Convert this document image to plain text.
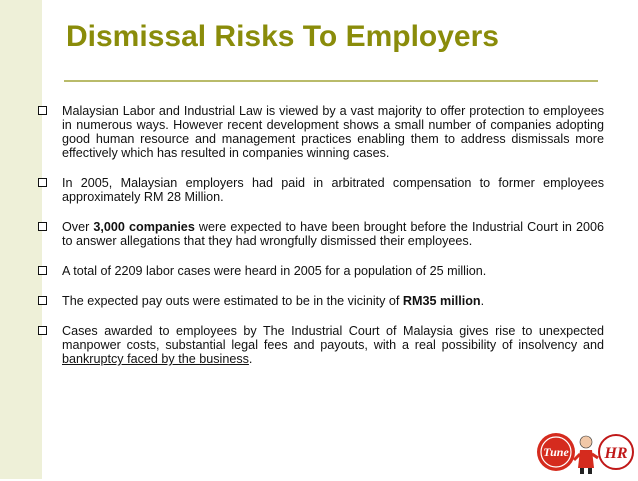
Dismissal Risks To Employers
Malaysian Labor and Industrial Law is viewed by a vast majority to offer protection to employees in numerous ways. However recent development shows a small number of companies adopting good human resource and management practices enabling them to address dismissals more effectively which has resulted in companies winning cases.
In 2005, Malaysian employers had paid in arbitrated compensation to former employees approximately RM 28 Million.
Over 3,000 companies were expected to have been brought before the Industrial Court in 2006 to answer allegations that they had wrongfully dismissed their employees.
A total of 2209 labor cases were heard in 2005 for a population of 25 million.
The expected pay outs were estimated to be in the vicinity of RM35 million.
Cases awarded to employees by The Industrial Court of Malaysia gives rise to unexpected manpower costs, substantial legal fees and payouts, with a real possibility of insolvency and bankruptcy faced by the business.
Tune HR
